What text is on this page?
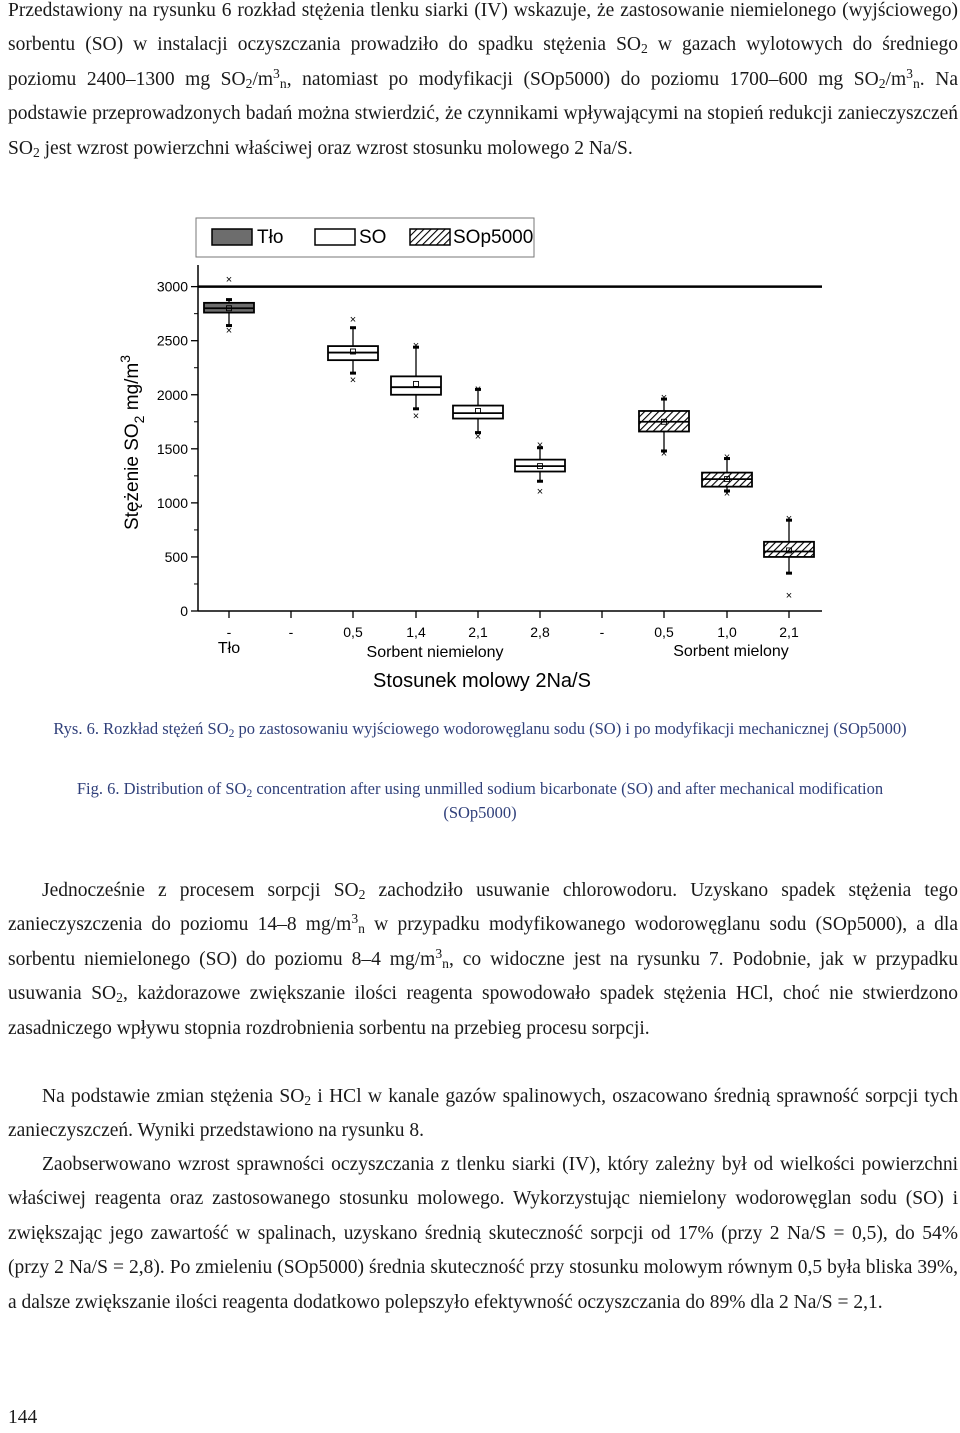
Przedstawiony na rysunku 6 rozkład stężenia tlenku siarki (IV) wskazuje, że zastosowanie niemielonego (wyjściowego) sorbentu (SO) w instalacji oczyszczania prowadziło do spadku stężenia $SO_2$ w gazach wylotowych do średniego poziomu 2400–1300 mg $SO_2/m^3_n$, natomiast po modyfikacji (SOp5000) do poziomu 1700–600 mg $SO_2/m^3_n$. Na podstawie przeprowadzonych badań można stwierdzić, że czynnikami wpływającymi na stopień redukcji zanieczyszczeń $SO_2$ jest wzrost powierzchni właściwej oraz wzrost stosunku molowego 2 Na/S.

Tło	SO	SOp5000
0
500
1000
1500
2000
2500
3000
-	-	0,5	1,4	2,1	2,8	-	0,5	1,0	2,1
×
×
×
×
×
×
×
×
×
×
×
×	×
×
×
×
Stężenie $SO_2$ $mg/m^3$
Tło	Sorbent niemielony	Sorbent mielony
Stosunek molowy 2Na/S

Rys. 6. Rozkład stężeń $SO_2$ po zastosowaniu wyjściowego wodorowęglanu sodu (SO) i po modyfikacji mechanicznej (SOp5000)

Fig. 6. Distribution of $SO_2$ concentration after using unmilled sodium bicarbonate (SO) and after mechanical modification (SOp5000)

Jednocześnie z procesem sorpcji $SO_2$ zachodziło usuwanie chlorowodoru. Uzyskano spadek stężenia tego zanieczyszczenia do poziomu 14–8 $mg/m^3_n$ w przypadku modyfikowanego wodorowęglanu sodu (SOp5000), a dla sorbentu niemielonego (SO) do poziomu 8–4 $mg/m^3_n$, co widoczne jest na rysunku 7. Podobnie, jak w przypadku usuwania $SO_2$, każdorazowe zwiększanie ilości reagenta spowodowało spadek stężenia HCl, choć nie stwierdzono zasadniczego wpływu stopnia rozdrobnienia sorbentu na przebieg procesu sorpcji.

Na podstawie zmian stężenia $SO_2$ i HCl w kanale gazów spalinowych, oszacowano średnią sprawność sorpcji tych zanieczyszczeń. Wyniki przedstawiono na rysunku 8.

Zaobserwowano wzrost sprawności oczyszczania z tlenku siarki (IV), który zależny był od wielkości powierzchni właściwej reagenta oraz zastosowanego stosunku molowego. Wykorzystując niemielony wodorowęglan sodu (SO) i zwiększając jego zawartość w spalinach, uzyskano średnią skuteczność sorpcji od 17% (przy 2 Na/S = 0,5), do 54% (przy 2 Na/S = 2,8). Po zmieleniu (SOp5000) średnia skuteczność przy stosunku molowym równym 0,5 była bliska 39%, a dalsze zwiększanie ilości reagenta dodatkowo polepszyło efektywność oczyszczania do 89% dla 2 Na/S = 2,1.

144
